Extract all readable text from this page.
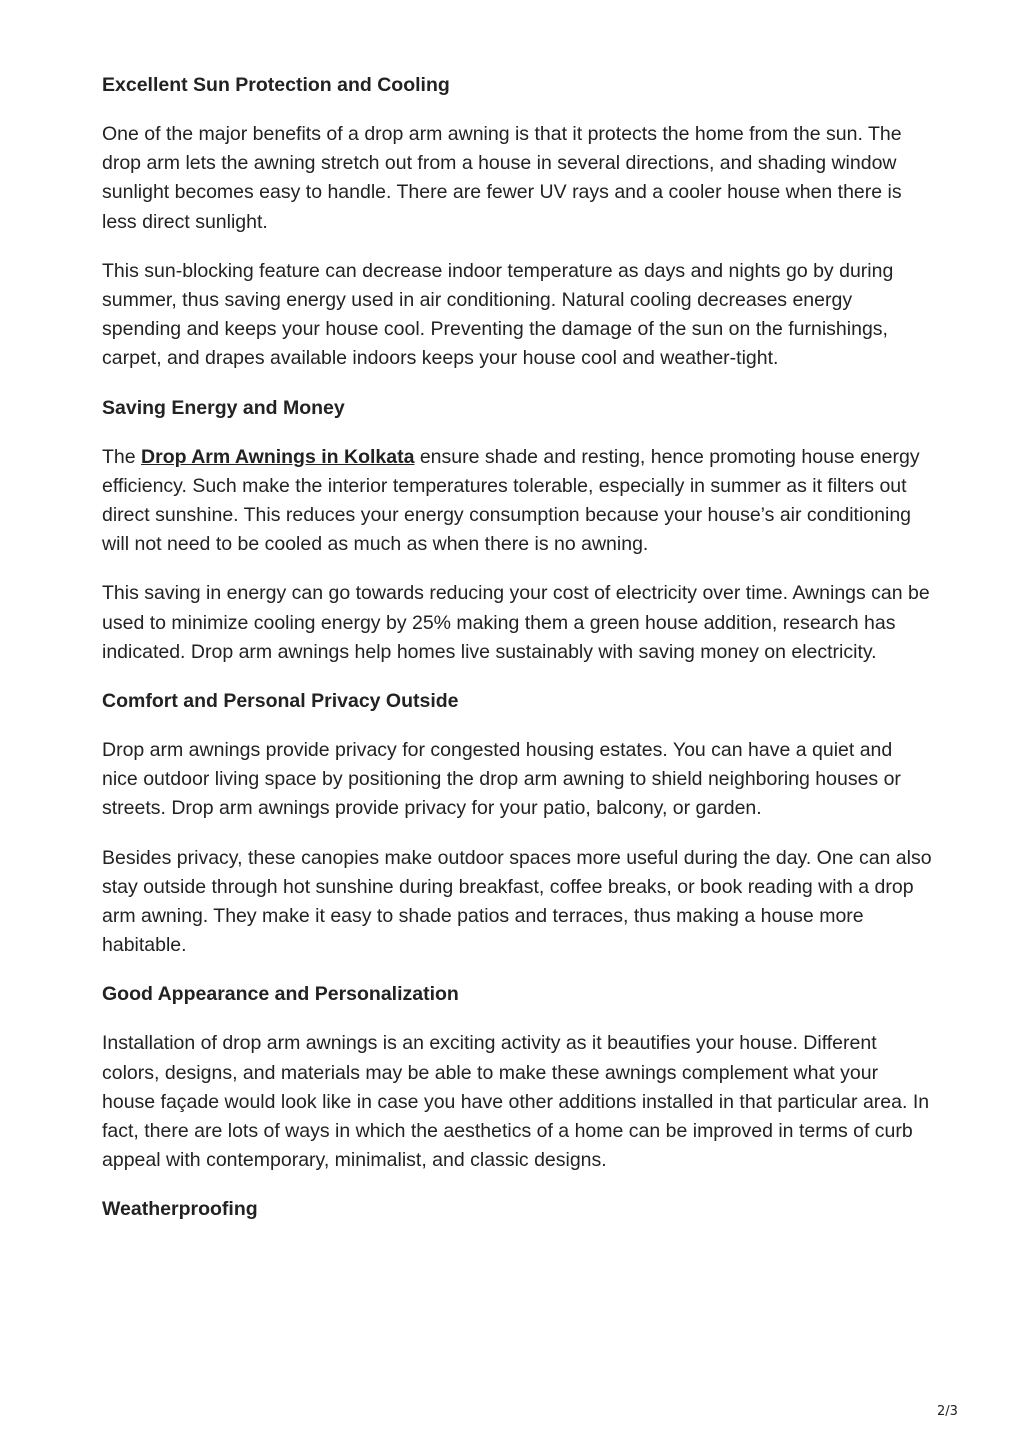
Excellent Sun Protection and Cooling

One of the major benefits of a drop arm awning is that it protects the home from the sun. The drop arm lets the awning stretch out from a house in several directions, and shading window sunlight becomes easy to handle. There are fewer UV rays and a cooler house when there is less direct sunlight.

This sun-blocking feature can decrease indoor temperature as days and nights go by during summer, thus saving energy used in air conditioning. Natural cooling decreases energy spending and keeps your house cool. Preventing the damage of the sun on the furnishings, carpet, and drapes available indoors keeps your house cool and weather-tight.

Saving Energy and Money

The Drop Arm Awnings in Kolkata ensure shade and resting, hence promoting house energy efficiency. Such make the interior temperatures tolerable, especially in summer as it filters out direct sunshine. This reduces your energy consumption because your house’s air conditioning will not need to be cooled as much as when there is no awning.

This saving in energy can go towards reducing your cost of electricity over time. Awnings can be used to minimize cooling energy by 25% making them a green house addition, research has indicated. Drop arm awnings help homes live sustainably with saving money on electricity.

Comfort and Personal Privacy Outside

Drop arm awnings provide privacy for congested housing estates. You can have a quiet and nice outdoor living space by positioning the drop arm awning to shield neighboring houses or streets. Drop arm awnings provide privacy for your patio, balcony, or garden.

Besides privacy, these canopies make outdoor spaces more useful during the day. One can also stay outside through hot sunshine during breakfast, coffee breaks, or book reading with a drop arm awning. They make it easy to shade patios and terraces, thus making a house more habitable.

Good Appearance and Personalization

Installation of drop arm awnings is an exciting activity as it beautifies your house. Different colors, designs, and materials may be able to make these awnings complement what your house façade would look like in case you have other additions installed in that particular area. In fact, there are lots of ways in which the aesthetics of a home can be improved in terms of curb appeal with contemporary, minimalist, and classic designs.

Weatherproofing
2/3
